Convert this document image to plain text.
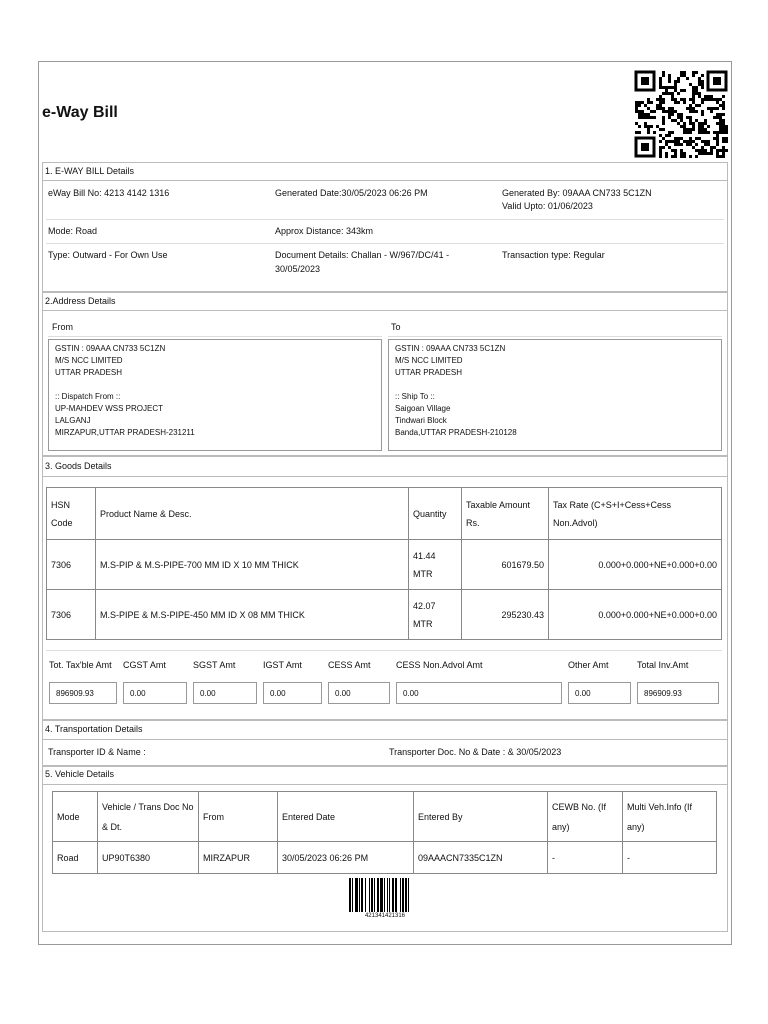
e-Way Bill
1. E-WAY BILL Details
eWay Bill No: 4213 4142 1316	Generated Date:30/05/2023 06:26 PM	Generated By: 09AAA CN733 5C1ZN
Valid Upto: 01/06/2023
Mode: Road	Approx Distance: 343km
Type: Outward - For Own Use	Document Details: Challan - W/967/DC/41 -
30/05/2023
Transaction type: Regular
2.Address Details
From	To
GSTIN : 09AAA CN733 5C1ZN
M/S NCC LIMITED
UTTAR PRADESH

:: Dispatch From ::
UP-MAHDEV WSS PROJECT
LALGANJ
MIRZAPUR,UTTAR PRADESH-231211
GSTIN : 09AAA CN733 5C1ZN
M/S NCC LIMITED
UTTAR PRADESH

:: Ship To ::
Saigoan Village
Tindwari Block
Banda,UTTAR PRADESH-210128
3. Goods Details
HSN Code	Product Name & Desc.	Quantity	Taxable Amount Rs.	Tax Rate (C+S+I+Cess+Cess Non.Advol)
7306	M.S-PIP & M.S-PIPE-700 MM ID X 10 MM THICK	41.44
MTR	601679.50	0.000+0.000+NE+0.000+0.00
7306	M.S-PIPE & M.S-PIPE-450 MM ID X 08 MM THICK	42.07
MTR	295230.43	0.000+0.000+NE+0.000+0.00
Tot. Tax'ble Amt	CGST Amt	SGST Amt	IGST Amt	CESS Amt	CESS Non.Advol Amt	Other Amt	Total Inv.Amt

896909.93	0.00	0.00	0.00	0.00	0.00	0.00	896909.93
4. Transportation Details
Transporter ID & Name :	Transporter Doc. No & Date : & 30/05/2023
5. Vehicle Details
Mode	Vehicle / Trans Doc No & Dt.	From	Entered Date	Entered By	CEWB No. (If any)	Multi Veh.Info (If any)
Road	UP90T6380	MIRZAPUR	30/05/2023 06:26 PM	09AAACN7335C1ZN	-	-
421341421316
